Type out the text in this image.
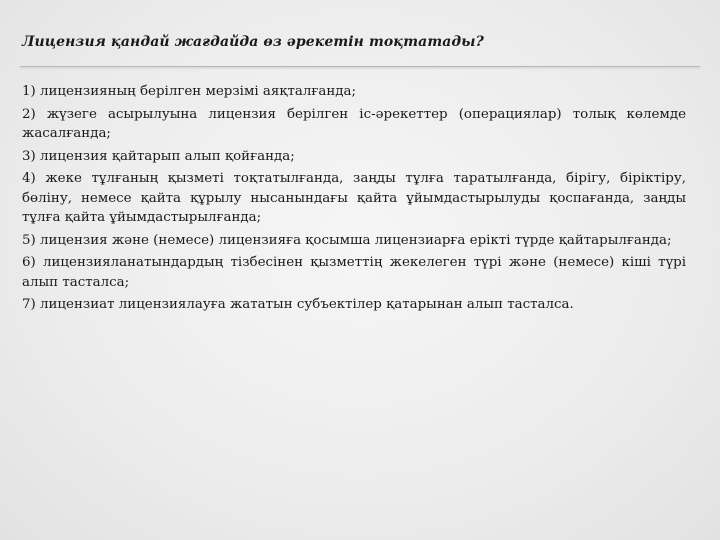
Лицензия қандай жағдайда өз әрекетін тоқтатады?
1) лицензияның берілген мерзімі аяқталғанда;
2) жүзеге асырылуына лицензия берілген іс-әрекеттер (операциялар) толық көлемде жасалғанда;
3) лицензия қайтарып алып қойғанда;
4) жеке тұлғаның қызметі тоқтатылғанда, заңды тұлға таратылғанда, бірігу, біріктіру, бөліну, немесе қайта құрылу нысанындағы қайта ұйымдастырылуды қоспағанда, заңды тұлға қайта ұйымдастырылғанда;
5) лицензия және (немесе) лицензияға қосымша лицензиарға ерікті түрде қайтарылғанда;
6) лицензияланатындардың тізбесінен қызметтің жекелеген түрі және (немесе) кіші түрі алып тасталса;
7) лицензиат лицензиялауға жататын субъектілер қатарынан алып тасталса.
